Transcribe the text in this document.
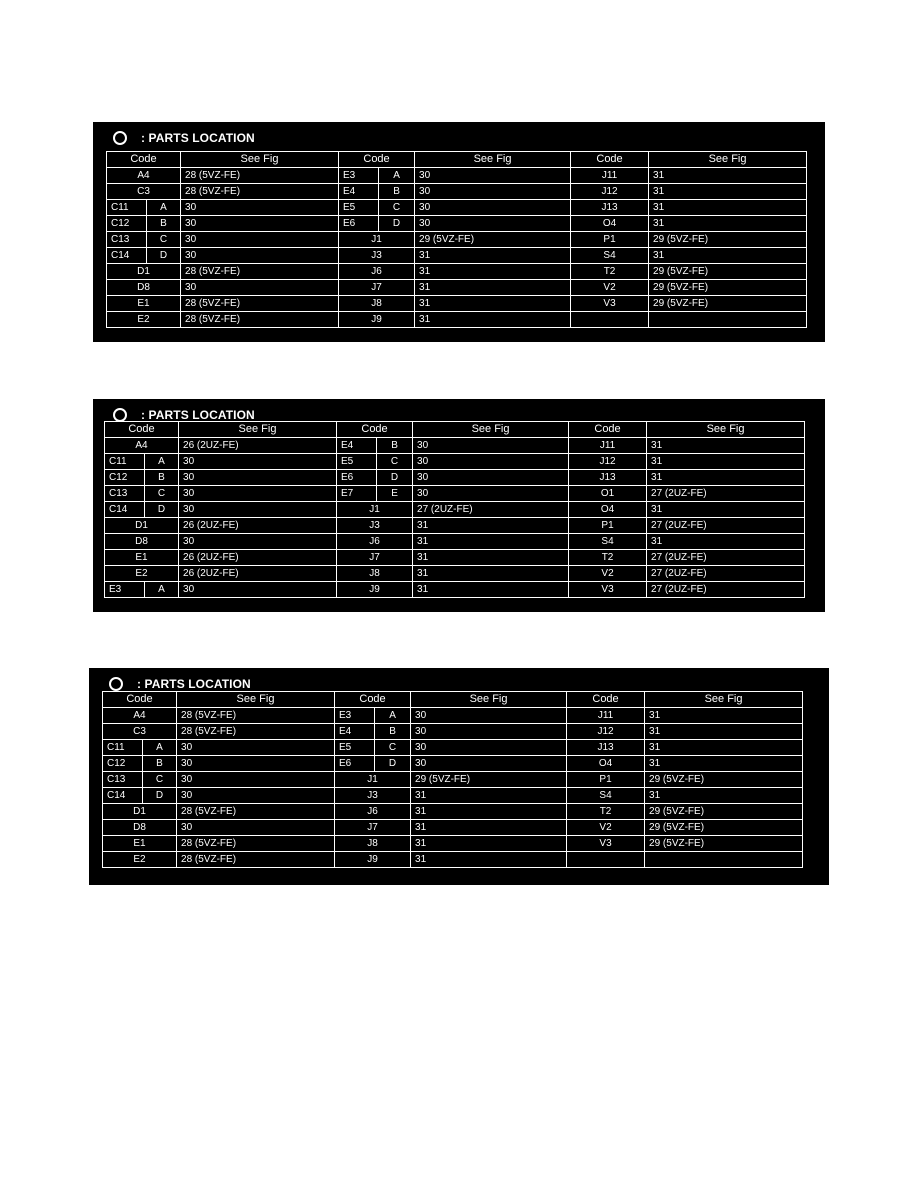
: PARTS LOCATION
Code		See Fig	Code		See Fig	Code	See Fig
A4		28 (5VZ-FE)	E3	A	30	J11	31
C3		28 (5VZ-FE)	E4	B	30	J12	31
C11	A	30	E5	C	30	J13	31
C12	B	30	E6	D	30	O4	31
C13	C	30	J1		29 (5VZ-FE)	P1	29 (5VZ-FE)
C14	D	30	J3		31	S4	31
D1		28 (5VZ-FE)	J6		31	T2	29 (5VZ-FE)
D8		30	J7		31	V2	29 (5VZ-FE)
E1		28 (5VZ-FE)	J8		31	V3	29 (5VZ-FE)
E2		28 (5VZ-FE)	J9		31		
: PARTS LOCATION
Code		See Fig	Code		See Fig	Code	See Fig
A4		26 (2UZ-FE)	E4	B	30	J11	31
C11	A	30	E5	C	30	J12	31
C12	B	30	E6	D	30	J13	31
C13	C	30	E7	E	30	O1	27 (2UZ-FE)
C14	D	30	J1		27 (2UZ-FE)	O4	31
D1		26 (2UZ-FE)	J3		31	P1	27 (2UZ-FE)
D8		30	J6		31	S4	31
E1		26 (2UZ-FE)	J7		31	T2	27 (2UZ-FE)
E2		26 (2UZ-FE)	J8		31	V2	27 (2UZ-FE)
E3	A	30	J9		31	V3	27 (2UZ-FE)
: PARTS LOCATION
Code		See Fig	Code		See Fig	Code	See Fig
A4		28 (5VZ-FE)	E3	A	30	J11	31
C3		28 (5VZ-FE)	E4	B	30	J12	31
C11	A	30	E5	C	30	J13	31
C12	B	30	E6	D	30	O4	31
C13	C	30	J1		29 (5VZ-FE)	P1	29 (5VZ-FE)
C14	D	30	J3		31	S4	31
D1		28 (5VZ-FE)	J6		31	T2	29 (5VZ-FE)
D8		30	J7		31	V2	29 (5VZ-FE)
E1		28 (5VZ-FE)	J8		31	V3	29 (5VZ-FE)
E2		28 (5VZ-FE)	J9		31		
